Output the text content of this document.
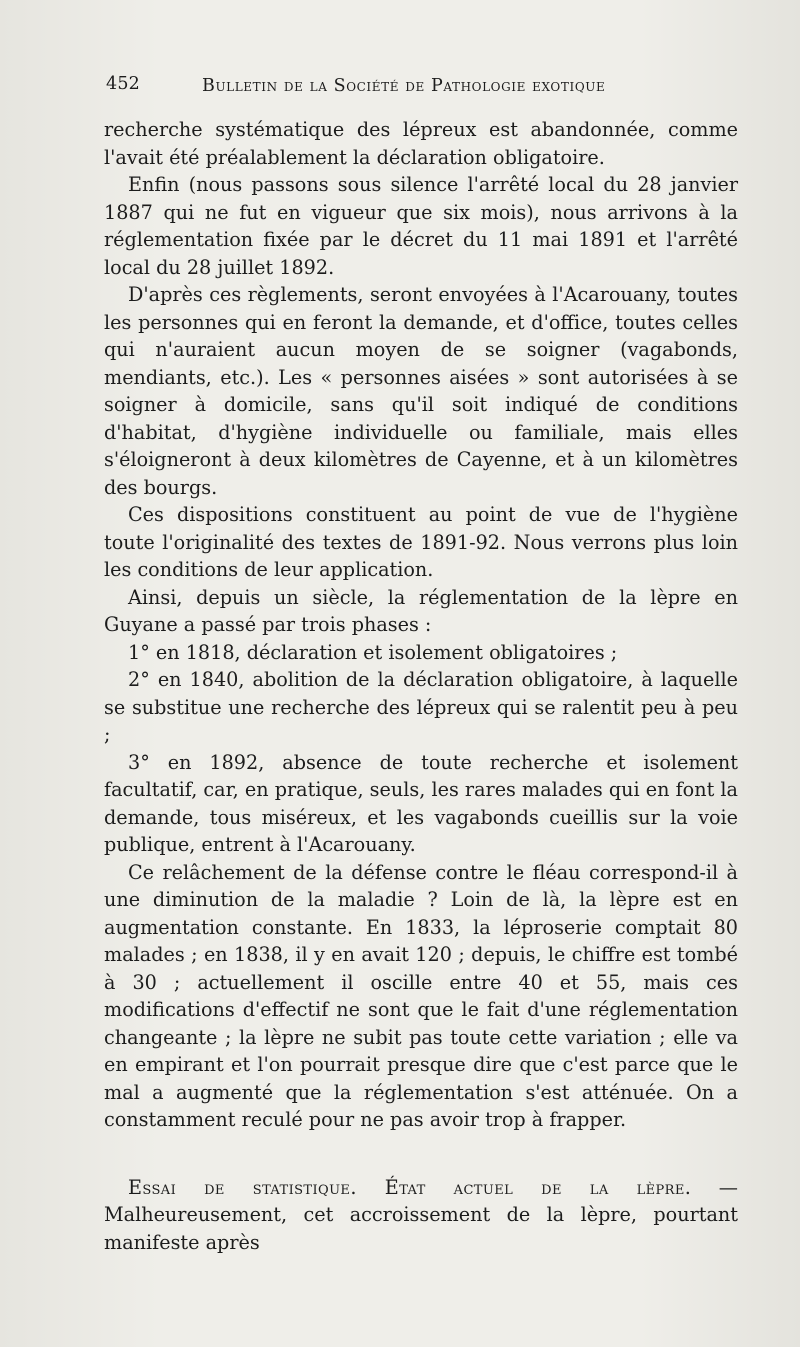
452	Bulletin de la Société de Pathologie exotique

recherche systématique des lépreux est abandonnée, comme l'avait été préalablement la déclaration obligatoire.

Enfin (nous passons sous silence l'arrêté local du 28 janvier 1887 qui ne fut en vigueur que six mois), nous arrivons à la réglementation fixée par le décret du 11 mai 1891 et l'arrêté local du 28 juillet 1892.

D'après ces règlements, seront envoyées à l'Acarouany, toutes les personnes qui en feront la demande, et d'office, toutes celles qui n'auraient aucun moyen de se soigner (vagabonds, mendiants, etc.). Les « personnes aisées » sont autorisées à se soigner à domicile, sans qu'il soit indiqué de conditions d'habitat, d'hygiène individuelle ou familiale, mais elles s'éloigneront à deux kilomètres de Cayenne, et à un kilomètres des bourgs.

Ces dispositions constituent au point de vue de l'hygiène toute l'originalité des textes de 1891-92. Nous verrons plus loin les conditions de leur application.

Ainsi, depuis un siècle, la réglementation de la lèpre en Guyane a passé par trois phases :

1° en 1818, déclaration et isolement obligatoires ;

2° en 1840, abolition de la déclaration obligatoire, à laquelle se substitue une recherche des lépreux qui se ralentit peu à peu ;

3° en 1892, absence de toute recherche et isolement facultatif, car, en pratique, seuls, les rares malades qui en font la demande, tous miséreux, et les vagabonds cueillis sur la voie publique, entrent à l'Acarouany.

Ce relâchement de la défense contre le fléau correspond-il à une diminution de la maladie ? Loin de là, la lèpre est en augmentation constante. En 1833, la léproserie comptait 80 malades ; en 1838, il y en avait 120 ; depuis, le chiffre est tombé à 30 ; actuellement il oscille entre 40 et 55, mais ces modifications d'effectif ne sont que le fait d'une réglementation changeante ; la lèpre ne subit pas toute cette variation ; elle va en empirant et l'on pourrait presque dire que c'est parce que le mal a augmenté que la réglementation s'est atténuée. On a constamment reculé pour ne pas avoir trop à frapper.

Essai de statistique. État actuel de la lèpre. — Malheureusement, cet accroissement de la lèpre, pourtant manifeste après
